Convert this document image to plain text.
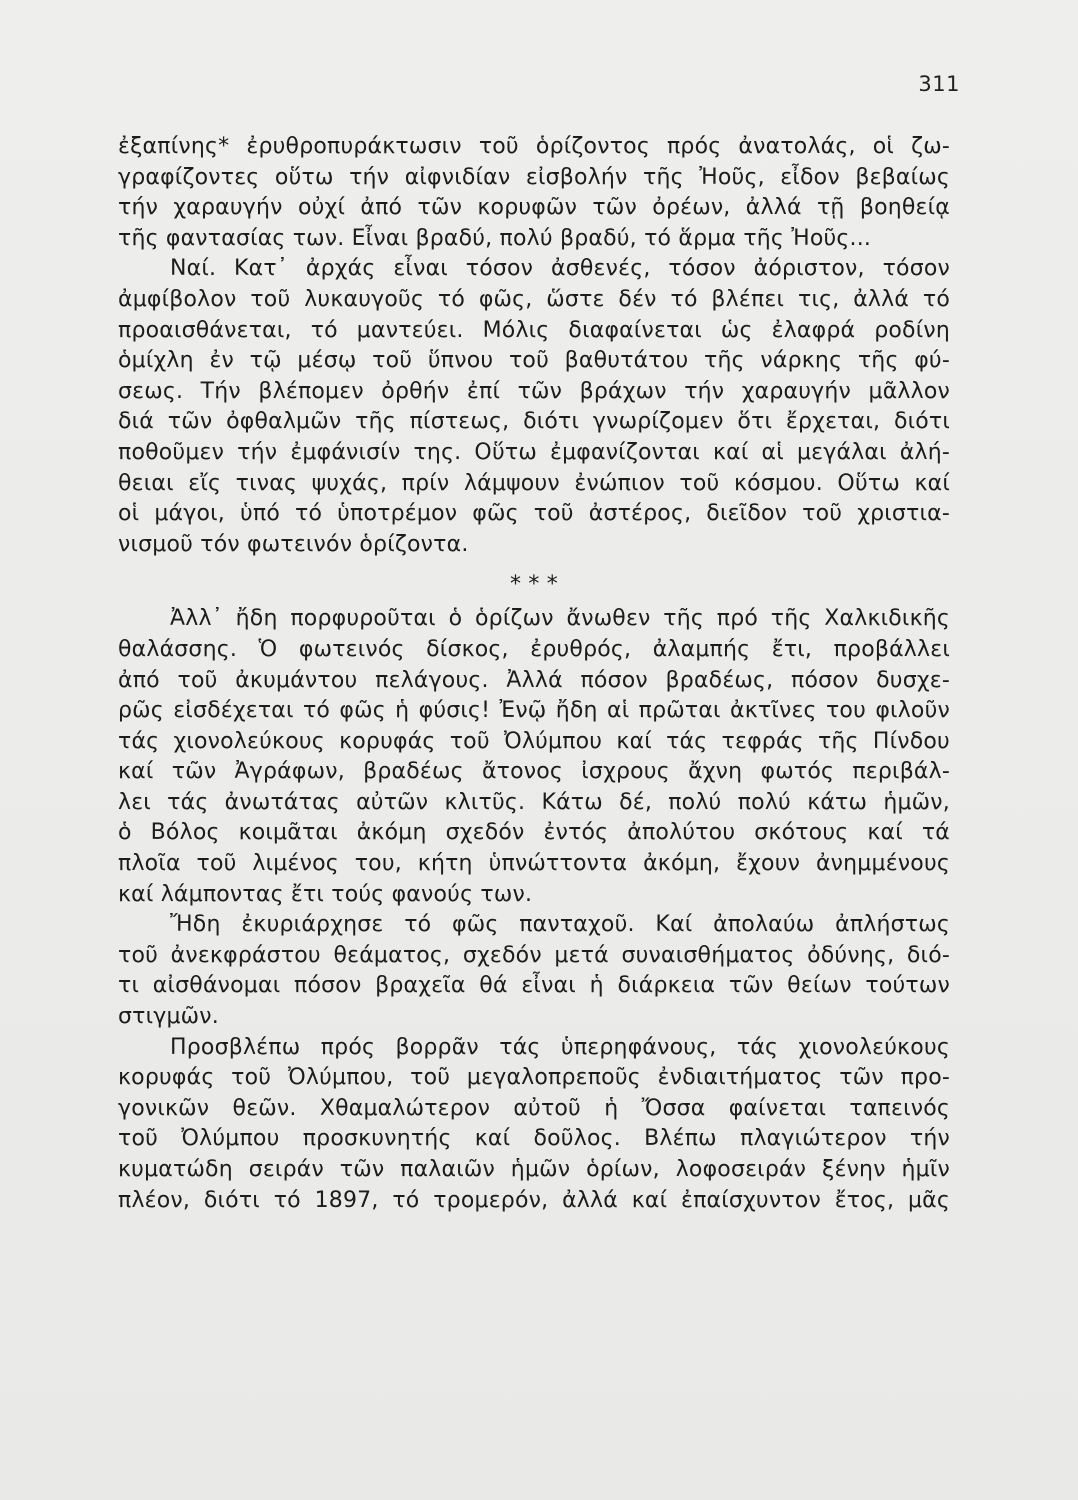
311
ἐξαπίνης* ἐρυθροπυράκτωσιν τοῦ ὁρίζοντος πρός ἀνατολάς, οἱ ζω-
γραφίζοντες οὕτω τήν αἰφνιδίαν εἰσβολήν τῆς Ἠοῦς, εἶδον βεβαίως
τήν χαραυγήν οὐχί ἀπό τῶν κορυφῶν τῶν ὀρέων, ἀλλά τῇ βοηθείᾳ
τῆς φαντασίας των. Εἶναι βραδύ, πολύ βραδύ, τό ἅρμα τῆς Ἠοῦς...
Ναί. Κατ᾽ ἀρχάς εἶναι τόσον ἀσθενές, τόσον ἀόριστον, τόσον
ἀμφίβολον τοῦ λυκαυγοῦς τό φῶς, ὥστε δέν τό βλέπει τις, ἀλλά τό
προαισθάνεται, τό μαντεύει. Μόλις διαφαίνεται ὡς ἐλαφρά ροδίνη
ὁμίχλη ἐν τῷ μέσῳ τοῦ ὕπνου τοῦ βαθυτάτου τῆς νάρκης τῆς φύ-
σεως. Τήν βλέπομεν ὀρθήν ἐπί τῶν βράχων τήν χαραυγήν μᾶλλον
διά τῶν ὀφθαλμῶν τῆς πίστεως, διότι γνωρίζομεν ὅτι ἔρχεται, διότι
ποθοῦμεν τήν ἐμφάνισίν της. Οὕτω ἐμφανίζονται καί αἱ μεγάλαι ἀλή-
θειαι εἴς τινας ψυχάς, πρίν λάμψουν ἐνώπιον τοῦ κόσμου. Οὕτω καί
οἱ μάγοι, ὑπό τό ὑποτρέμον φῶς τοῦ ἀστέρος, διεῖδον τοῦ χριστια-
νισμοῦ τόν φωτεινόν ὁρίζοντα.
* * *
Ἀλλ᾽ ἤδη πορφυροῦται ὁ ὁρίζων ἄνωθεν τῆς πρό τῆς Χαλκιδικῆς
θαλάσσης. Ὁ φωτεινός δίσκος, ἐρυθρός, ἀλαμπής ἔτι, προβάλλει
ἀπό τοῦ ἀκυμάντου πελάγους. Ἀλλά πόσον βραδέως, πόσον δυσχε-
ρῶς εἰσδέχεται τό φῶς ἡ φύσις! Ἐνῷ ἤδη αἱ πρῶται ἀκτῖνες του φιλοῦν
τάς χιονολεύκους κορυφάς τοῦ Ὀλύμπου καί τάς τεφράς τῆς Πίνδου
καί τῶν Ἀγράφων, βραδέως ἄτονος ἰσχρους ἄχνη φωτός περιβάλ-
λει τάς ἀνωτάτας αὐτῶν κλιτῦς. Κάτω δέ, πολύ πολύ κάτω ἡμῶν,
ὁ Βόλος κοιμᾶται ἀκόμη σχεδόν ἐντός ἀπολύτου σκότους καί τά
πλοῖα τοῦ λιμένος του, κήτη ὑπνώττοντα ἀκόμη, ἔχουν ἀνημμένους
καί λάμποντας ἔτι τούς φανούς των.
Ἤδη ἐκυριάρχησε τό φῶς πανταχοῦ. Καί ἀπολαύω ἀπλήστως
τοῦ ἀνεκφράστου θεάματος, σχεδόν μετά συναισθήματος ὀδύνης, διό-
τι αἰσθάνομαι πόσον βραχεῖα θά εἶναι ἡ διάρκεια τῶν θείων τούτων
στιγμῶν.
Προσβλέπω πρός βορρᾶν τάς ὑπερηφάνους, τάς χιονολεύκους
κορυφάς τοῦ Ὀλύμπου, τοῦ μεγαλοπρεποῦς ἐνδιαιτήματος τῶν προ-
γονικῶν θεῶν. Χθαμαλώτερον αὐτοῦ ἡ Ὄσσα φαίνεται ταπεινός
τοῦ Ὀλύμπου προσκυνητής καί δοῦλος. Βλέπω πλαγιώτερον τήν
κυματώδη σειράν τῶν παλαιῶν ἡμῶν ὁρίων, λοφοσειράν ξένην ἡμῖν
πλέον, διότι τό 1897, τό τρομερόν, ἀλλά καί ἐπαίσχυντον ἔτος, μᾶς
